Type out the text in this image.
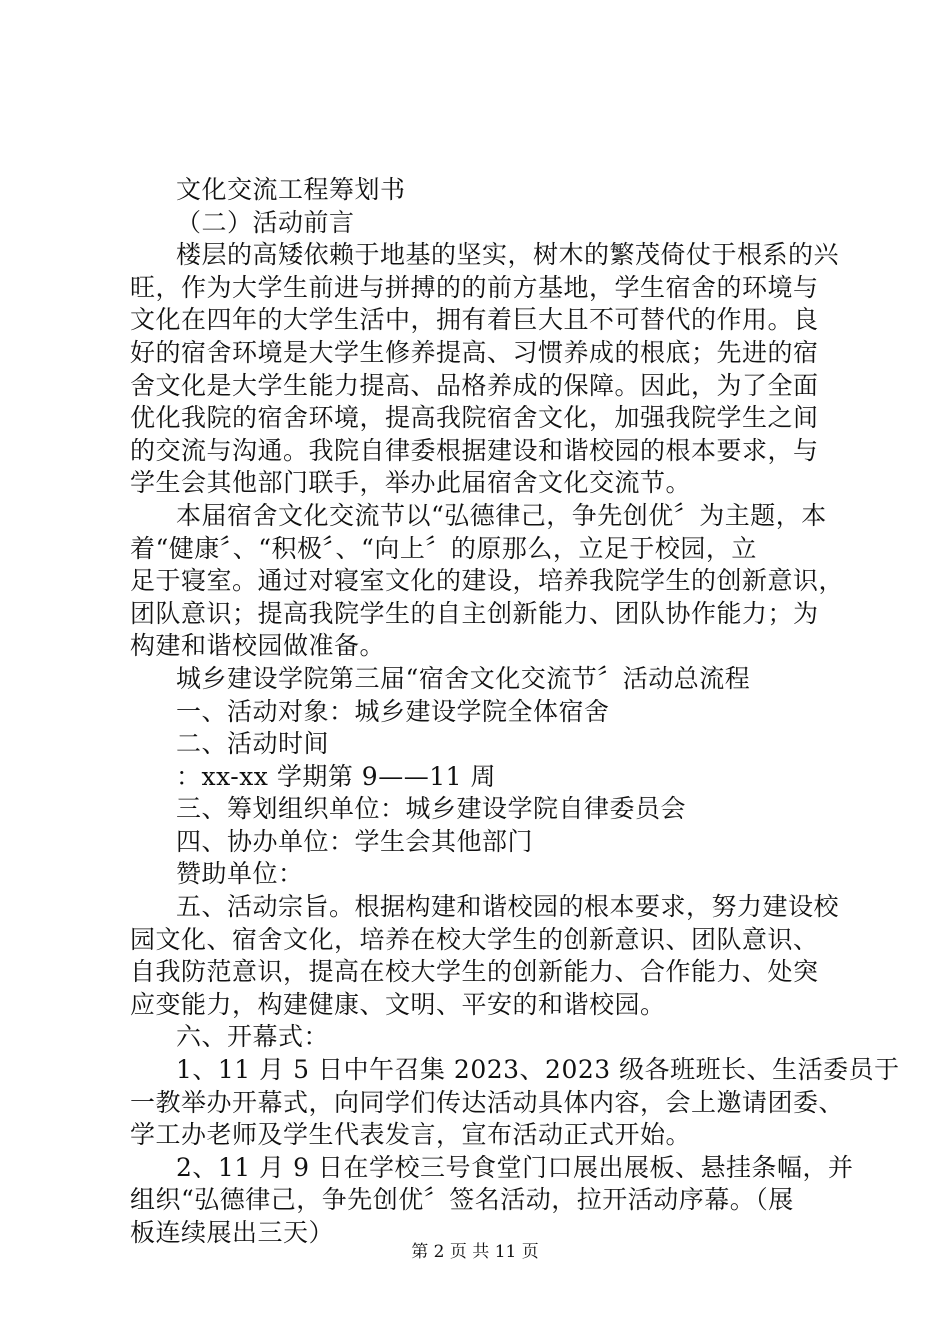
文化交流工程筹划书
（二）活动前言
楼层的高矮依赖于地基的坚实，树木的繁茂倚仗于根系的兴
旺，作为大学生前进与拼搏的的前方基地，学生宿舍的环境与
文化在四年的大学生活中，拥有着巨大且不可替代的作用。良
好的宿舍环境是大学生修养提高、习惯养成的根底；先进的宿
舍文化是大学生能力提高、品格养成的保障。因此，为了全面
优化我院的宿舍环境，提高我院宿舍文化，加强我院学生之间
的交流与沟通。我院自律委根据建设和谐校园的根本要求，与
学生会其他部门联手，举办此届宿舍文化交流节。
本届宿舍文化交流节以“弘德律己，争先创优〞为主题，本
着“健康〞、“积极〞、“向上〞的原那么，立足于校园，立
足于寝室。通过对寝室文化的建设，培养我院学生的创新意识，
团队意识；提高我院学生的自主创新能力、团队协作能力；为
构建和谐校园做准备。
城乡建设学院第三届“宿舍文化交流节〞活动总流程
一、活动对象：城乡建设学院全体宿舍
二、活动时间
：xx-xx 学期第 9——11 周
三、筹划组织单位：城乡建设学院自律委员会
四、协办单位：学生会其他部门
赞助单位：
五、活动宗旨。根据构建和谐校园的根本要求，努力建设校
园文化、宿舍文化，培养在校大学生的创新意识、团队意识、
自我防范意识，提高在校大学生的创新能力、合作能力、处突
应变能力，构建健康、文明、平安的和谐校园。
六、开幕式：
1、11 月 5 日中午召集 2023、2023 级各班班长、生活委员于
一教举办开幕式，向同学们传达活动具体内容，会上邀请团委、
学工办老师及学生代表发言，宣布活动正式开始。
2、11 月 9 日在学校三号食堂门口展出展板、悬挂条幅，并
组织“弘德律己，争先创优〞签名活动，拉开活动序幕。（展
板连续展出三天）
第 2 页 共 11 页
